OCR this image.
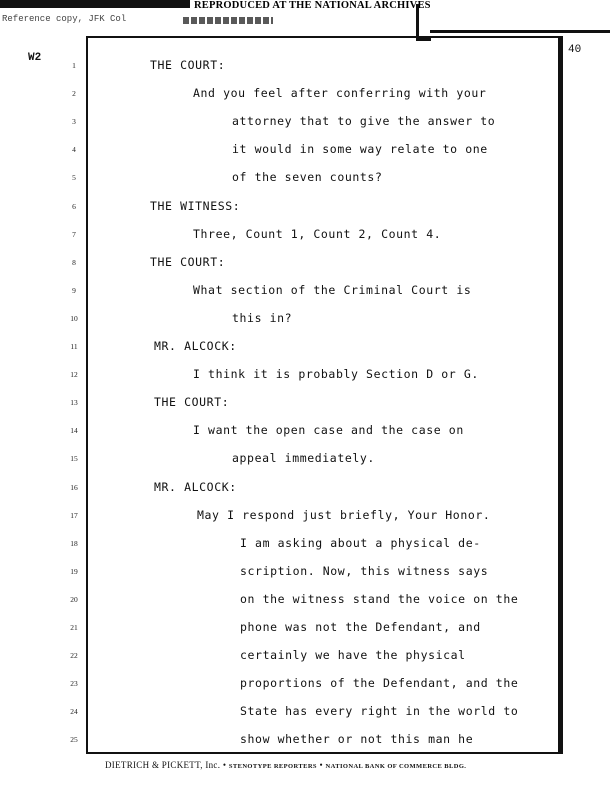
REPRODUCED AT THE NATIONAL ARCHIVES
Reference copy, JFK Col
W2
40
1	THE COURT:
2	And you feel after conferring with your
3	attorney that to give the answer to
4	it would in some way relate to one
5	of the seven counts?
6	THE WITNESS:
7	Three, Count 1, Count 2, Count 4.
8	THE COURT:
9	What section of the Criminal Court is
10	this in?
11	MR. ALCOCK:
12	I think it is probably Section D or G.
13	THE COURT:
14	I want the open case and the case on
15	appeal immediately.
16	MR. ALCOCK:
17	May I respond just briefly, Your Honor.
18	I am asking about a physical de-
19	scription. Now, this witness says
20	on the witness stand the voice on the
21	phone was not the Defendant, and
22	certainly we have the physical
23	proportions of the Defendant, and the
24	State has every right in the world to
25	show whether or not this man he
DIETRICH & PICKETT, Inc. • STENOTYPE REPORTERS • NATIONAL BANK OF COMMERCE BLDG.
